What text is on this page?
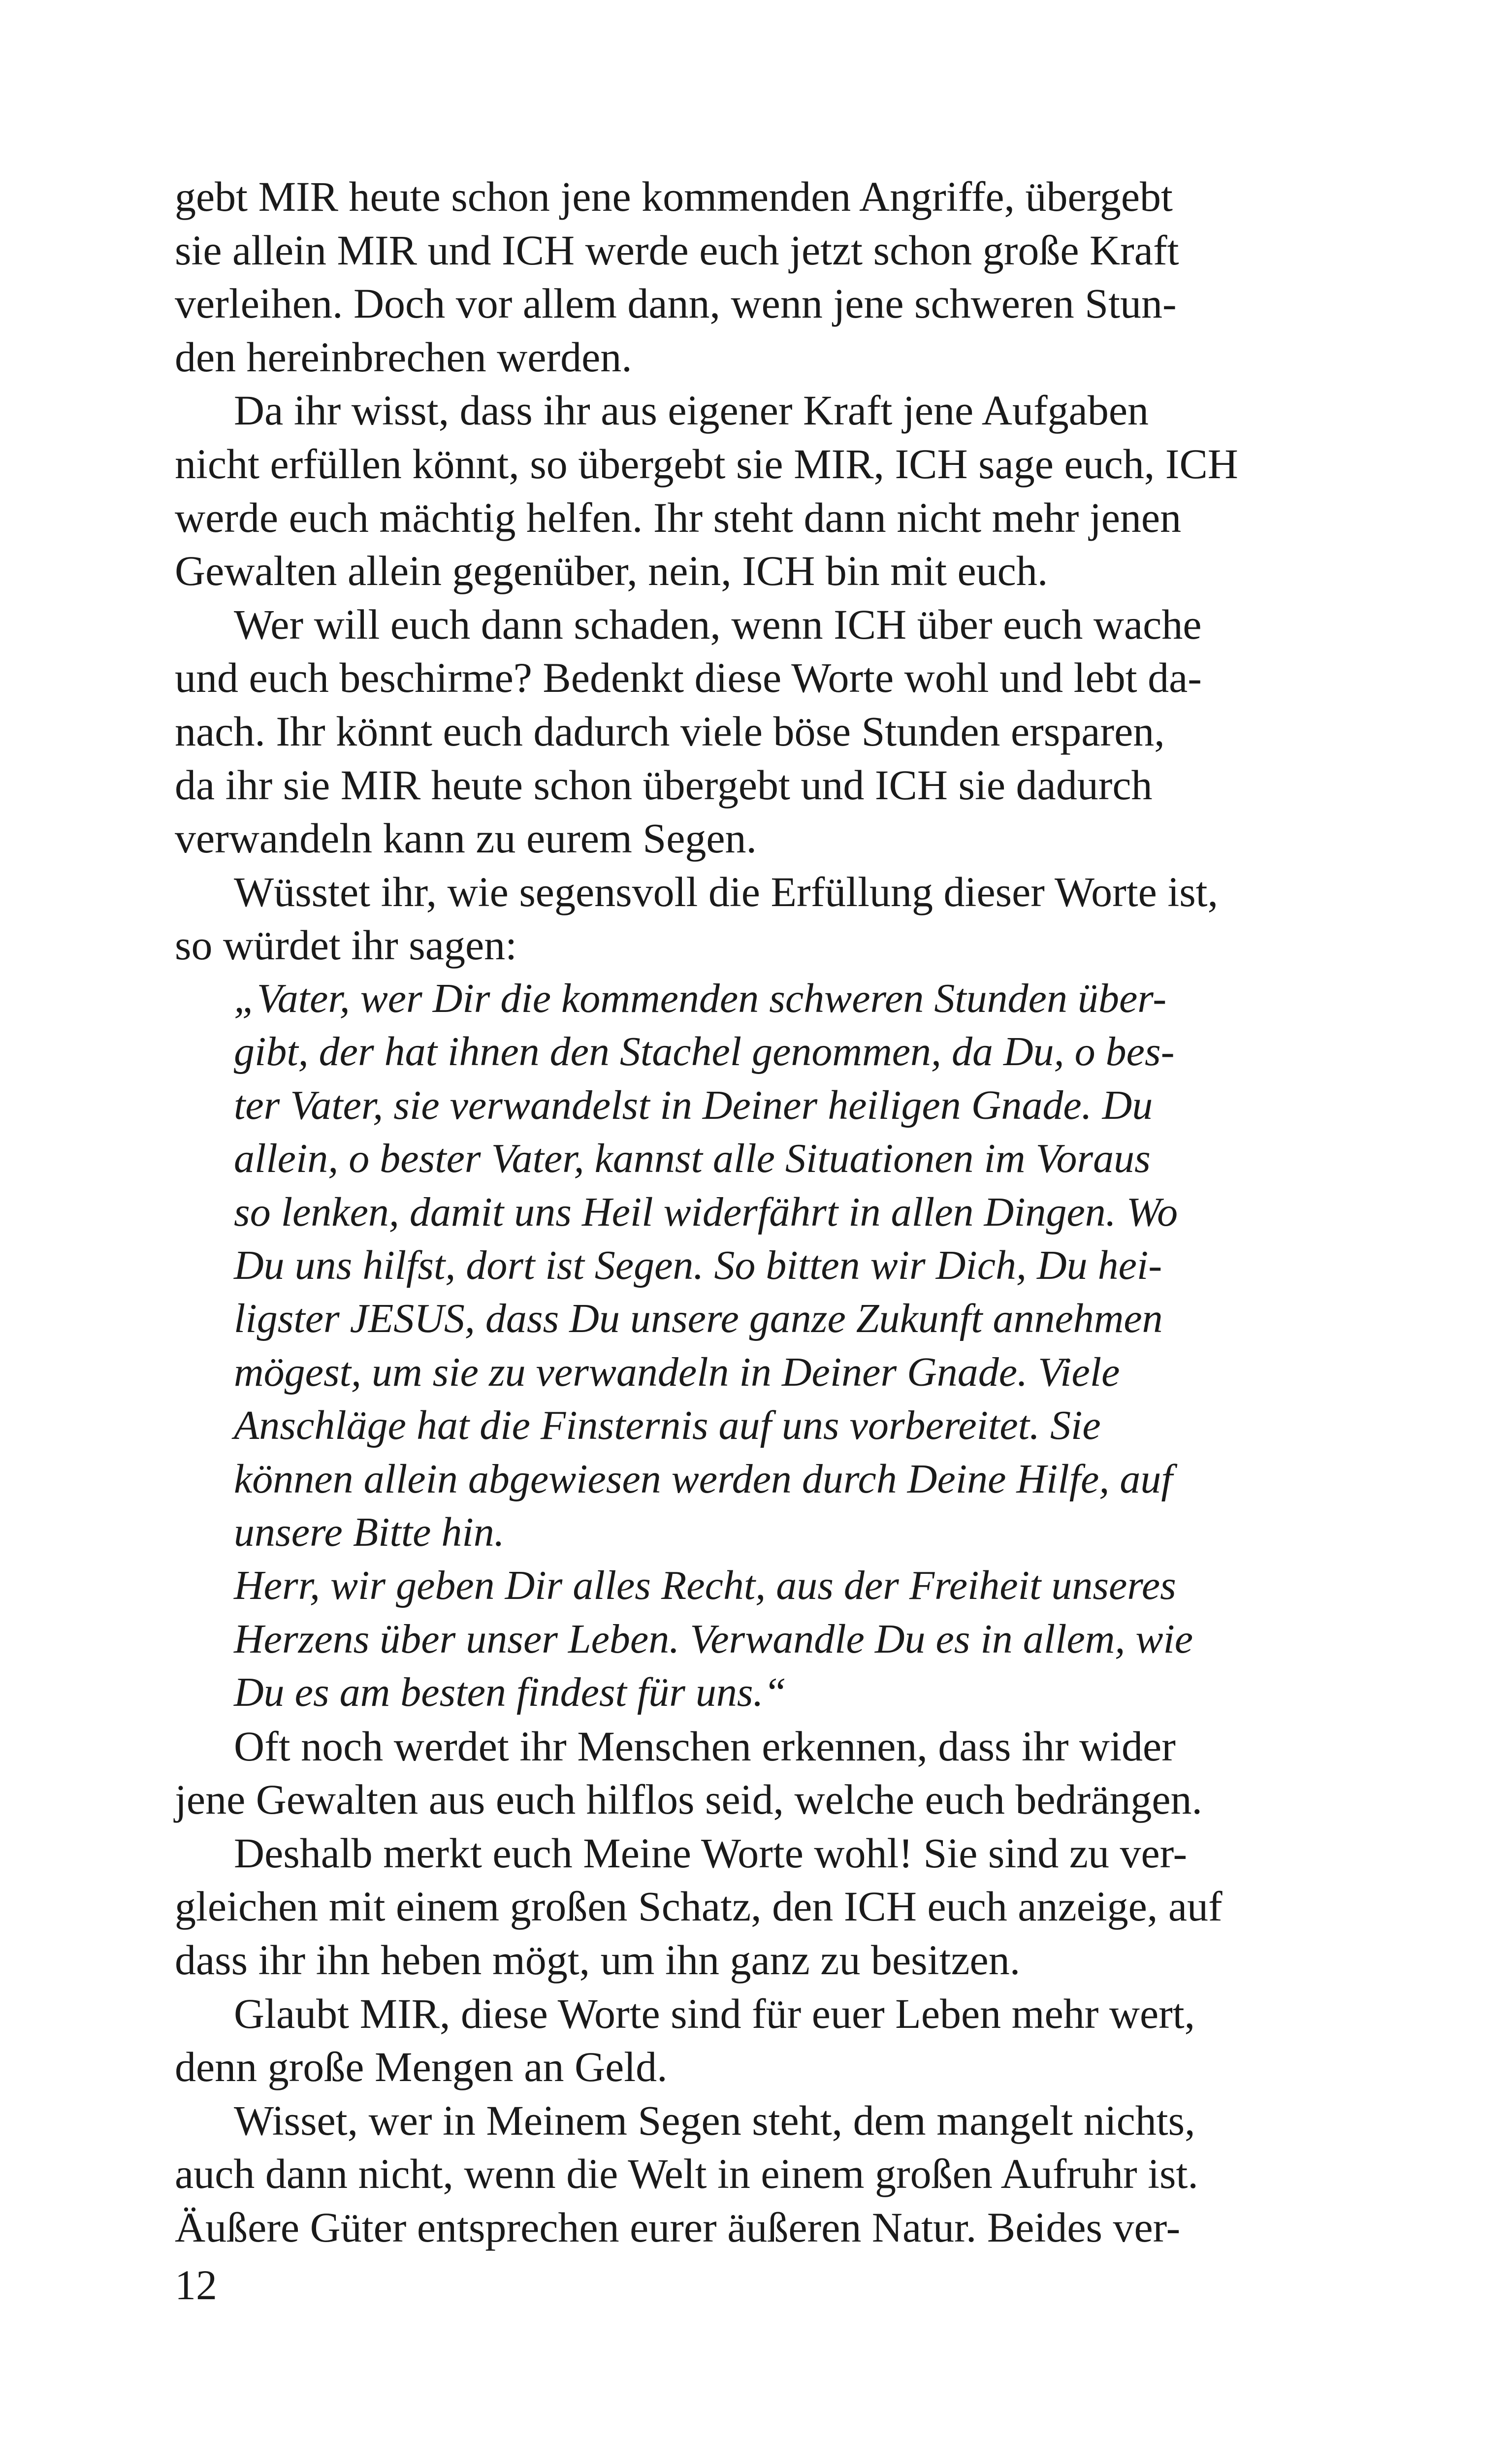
gebt MIR heute schon jene kommenden Angriffe, übergebt
sie allein MIR und ICH werde euch jetzt schon große Kraft
verleihen. Doch vor allem dann, wenn jene schweren Stun-
den hereinbrechen werden.

Da ihr wisst, dass ihr aus eigener Kraft jene Aufgaben
nicht erfüllen könnt, so übergebt sie MIR, ICH sage euch, ICH
werde euch mächtig helfen. Ihr steht dann nicht mehr jenen
Gewalten allein gegenüber, nein, ICH bin mit euch.

Wer will euch dann schaden, wenn ICH über euch wache
und euch beschirme? Bedenkt diese Worte wohl und lebt da-
nach. Ihr könnt euch dadurch viele böse Stunden ersparen,
da ihr sie MIR heute schon übergebt und ICH sie dadurch
verwandeln kann zu eurem Segen.

Wüsstet ihr, wie segensvoll die Erfüllung dieser Worte ist,
so würdet ihr sagen:

„Vater, wer Dir die kommenden schweren Stunden über-
gibt, der hat ihnen den Stachel genommen, da Du, o bes-
ter Vater, sie verwandelst in Deiner heiligen Gnade. Du
allein, o bester Vater, kannst alle Situationen im Voraus
so lenken, damit uns Heil widerfährt in allen Dingen. Wo
Du uns hilfst, dort ist Segen. So bitten wir Dich, Du hei-
ligster JESUS, dass Du unsere ganze Zukunft annehmen
mögest, um sie zu verwandeln in Deiner Gnade. Viele
Anschläge hat die Finsternis auf uns vorbereitet. Sie
können allein abgewiesen werden durch Deine Hilfe, auf
unsere Bitte hin.

Herr, wir geben Dir alles Recht, aus der Freiheit unseres
Herzens über unser Leben. Verwandle Du es in allem, wie
Du es am besten findest für uns.“

Oft noch werdet ihr Menschen erkennen, dass ihr wider
jene Gewalten aus euch hilflos seid, welche euch bedrängen.

Deshalb merkt euch Meine Worte wohl! Sie sind zu ver-
gleichen mit einem großen Schatz, den ICH euch anzeige, auf
dass ihr ihn heben mögt, um ihn ganz zu besitzen.

Glaubt MIR, diese Worte sind für euer Leben mehr wert,
denn große Mengen an Geld.

Wisset, wer in Meinem Segen steht, dem mangelt nichts,
auch dann nicht, wenn die Welt in einem großen Aufruhr ist.
Äußere Güter entsprechen eurer äußeren Natur. Beides ver-

12
